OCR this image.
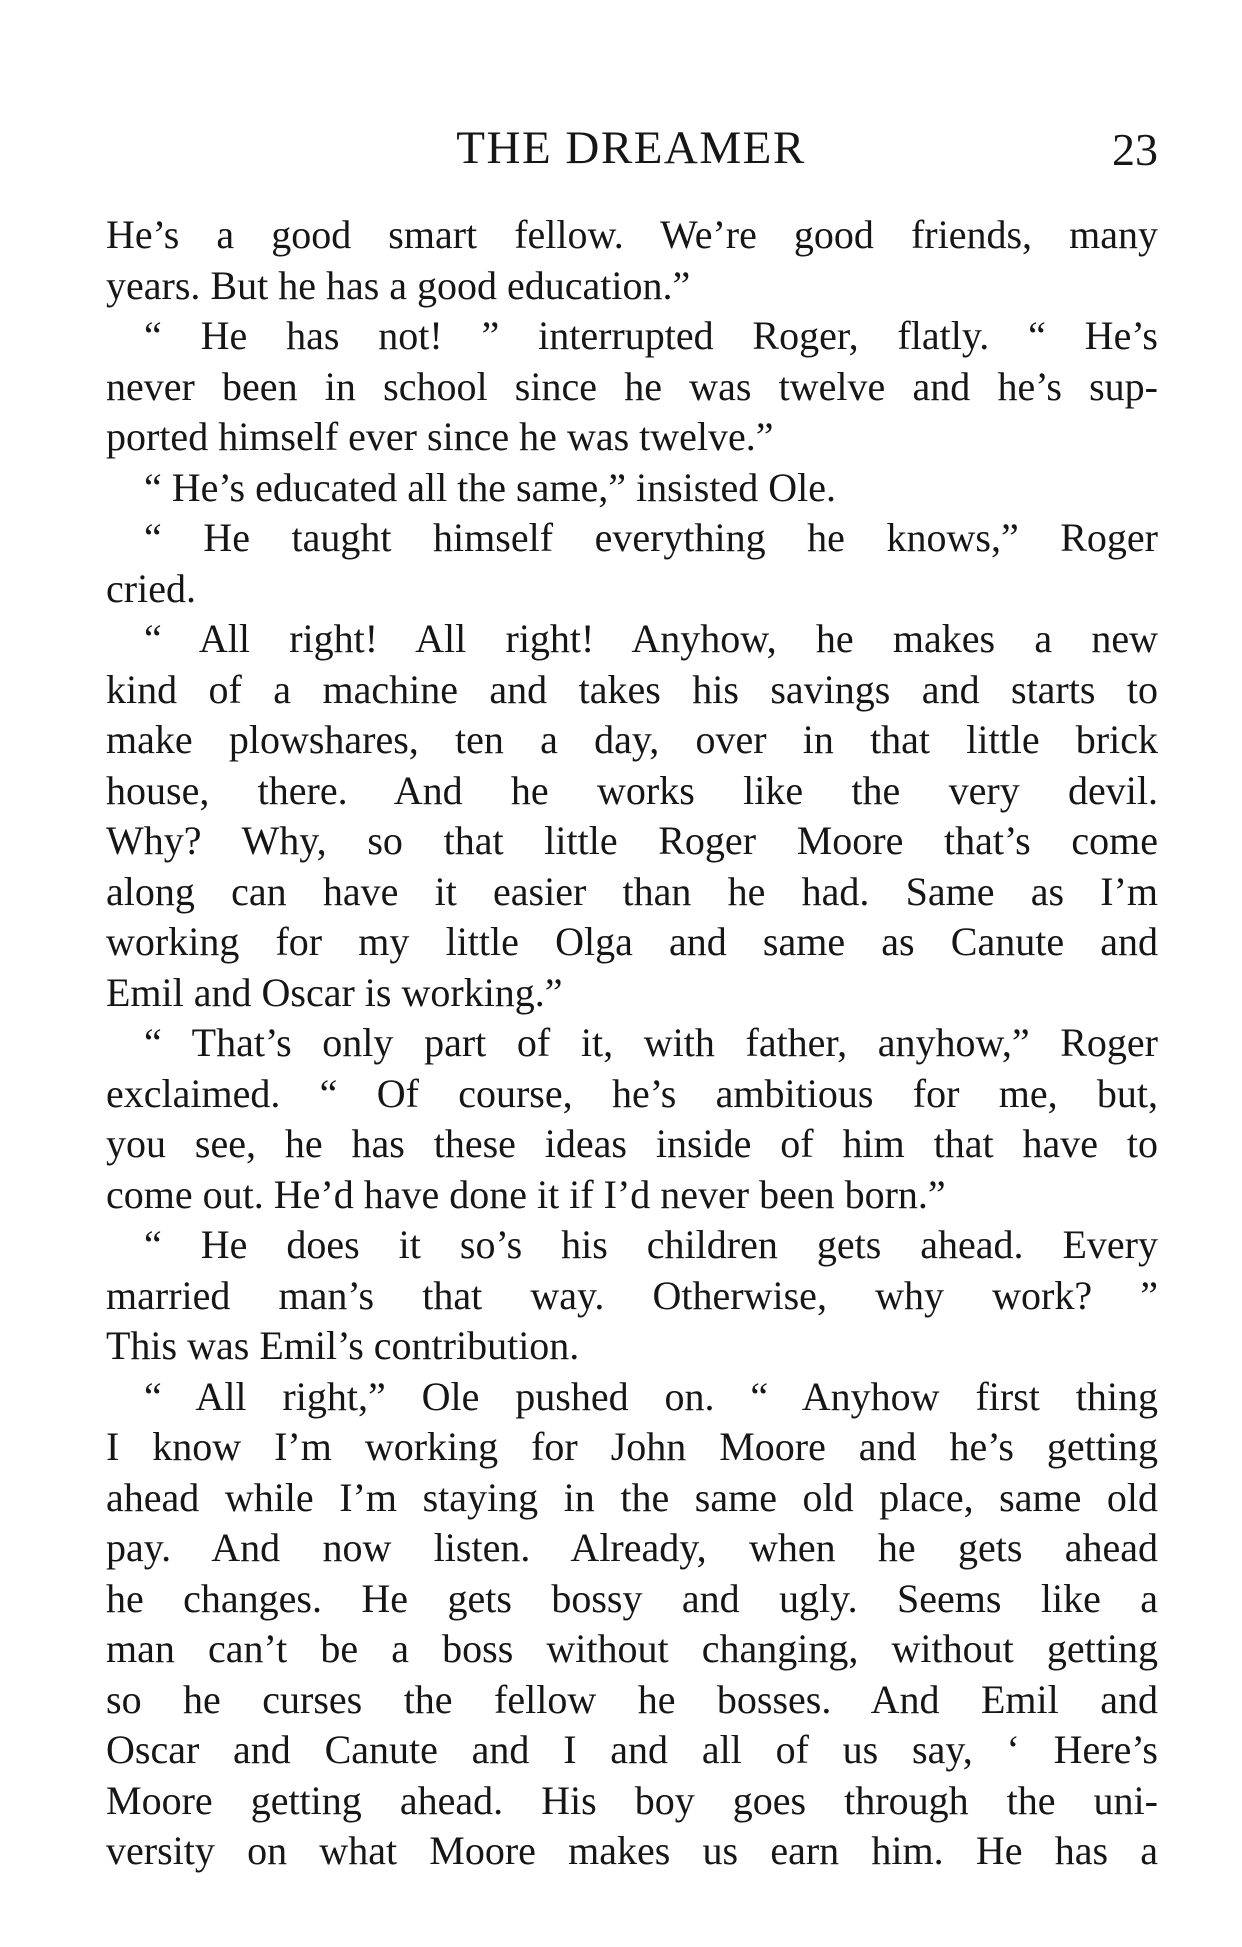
THE DREAMER	23
He’s a good smart fellow. We’re good friends, many
years. But he has a good education.”
“ He has not! ” interrupted Roger, flatly. “ He’s
never been in school since he was twelve and he’s sup-
ported himself ever since he was twelve.”
“ He’s educated all the same,” insisted Ole.
“ He taught himself everything he knows,” Roger
cried.
“ All right! All right! Anyhow, he makes a new
kind of a machine and takes his savings and starts to
make plowshares, ten a day, over in that little brick
house, there. And he works like the very devil.
Why? Why, so that little Roger Moore that’s come
along can have it easier than he had. Same as I’m
working for my little Olga and same as Canute and
Emil and Oscar is working.”
“ That’s only part of it, with father, anyhow,” Roger
exclaimed. “ Of course, he’s ambitious for me, but,
you see, he has these ideas inside of him that have to
come out. He’d have done it if I’d never been born.”
“ He does it so’s his children gets ahead. Every
married man’s that way. Otherwise, why work? ”
This was Emil’s contribution.
“ All right,” Ole pushed on. “ Anyhow first thing
I know I’m working for John Moore and he’s getting
ahead while I’m staying in the same old place, same old
pay. And now listen. Already, when he gets ahead
he changes. He gets bossy and ugly. Seems like a
man can’t be a boss without changing, without getting
so he curses the fellow he bosses. And Emil and
Oscar and Canute and I and all of us say, ‘ Here’s
Moore getting ahead. His boy goes through the uni-
versity on what Moore makes us earn him. He has a
